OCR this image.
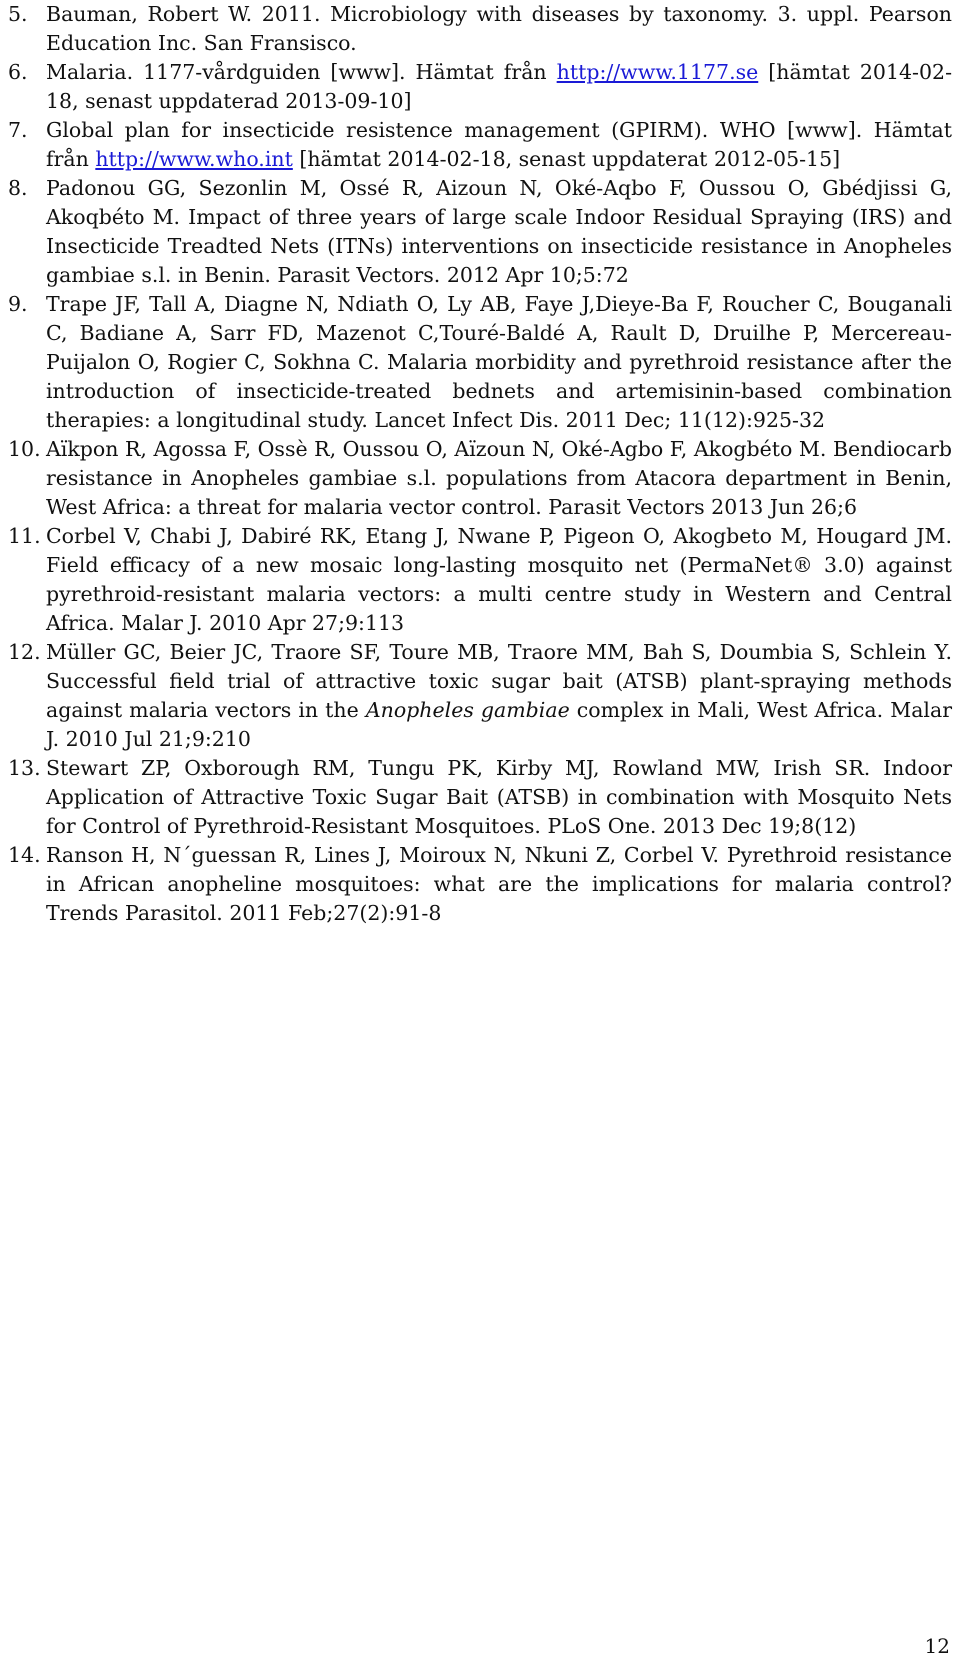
5. Bauman, Robert W. 2011. Microbiology with diseases by taxonomy. 3. uppl. Pearson Education Inc. San Fransisco.
6. Malaria. 1177-vårdguiden [www]. Hämtat från http://www.1177.se [hämtat 2014-02-18, senast uppdaterad 2013-09-10]
7. Global plan for insecticide resistence management (GPIRM). WHO [www]. Hämtat från http://www.who.int [hämtat 2014-02-18, senast uppdaterat 2012-05-15]
8. Padonou GG, Sezonlin M, Ossé R, Aizoun N, Oké-Aqbo F, Oussou O, Gbédjissi G, Akoqbéto M. Impact of three years of large scale Indoor Residual Spraying (IRS) and Insecticide Treadted Nets (ITNs) interventions on insecticide resistance in Anopheles gambiae s.l. in Benin. Parasit Vectors. 2012 Apr 10;5:72
9. Trape JF, Tall A, Diagne N, Ndiath O, Ly AB, Faye J,Dieye-Ba F, Roucher C, Bouganali C, Badiane A, Sarr FD, Mazenot C,Touré-Baldé A, Rault D, Druilhe P, Mercereau-Puijalon O, Rogier C, Sokhna C. Malaria morbidity and pyrethroid resistance after the introduction of insecticide-treated bednets and artemisinin-based combination therapies: a longitudinal study. Lancet Infect Dis. 2011 Dec; 11(12):925-32
10. Aïkpon R, Agossa F, Ossè R, Oussou O, Aïzoun N, Oké-Agbo F, Akogbéto M. Bendiocarb resistance in Anopheles gambiae s.l. populations from Atacora department in Benin, West Africa: a threat for malaria vector control. Parasit Vectors 2013 Jun 26;6
11. Corbel V, Chabi J, Dabiré RK, Etang J, Nwane P, Pigeon O, Akogbeto M, Hougard JM. Field efficacy of a new mosaic long-lasting mosquito net (PermaNet® 3.0) against pyrethroid-resistant malaria vectors: a multi centre study in Western and Central Africa. Malar J. 2010 Apr 27;9:113
12. Müller GC, Beier JC, Traore SF, Toure MB, Traore MM, Bah S, Doumbia S, Schlein Y. Successful field trial of attractive toxic sugar bait (ATSB) plant-spraying methods against malaria vectors in the Anopheles gambiae complex in Mali, West Africa. Malar J. 2010 Jul 21;9:210
13. Stewart ZP, Oxborough RM, Tungu PK, Kirby MJ, Rowland MW, Irish SR. Indoor Application of Attractive Toxic Sugar Bait (ATSB) in combination with Mosquito Nets for Control of Pyrethroid-Resistant Mosquitoes. PLoS One. 2013 Dec 19;8(12)
14. Ranson H, N´guessan R, Lines J, Moiroux N, Nkuni Z, Corbel V. Pyrethroid resistance in African anopheline mosquitoes: what are the implications for malaria control? Trends Parasitol. 2011 Feb;27(2):91-8
12
